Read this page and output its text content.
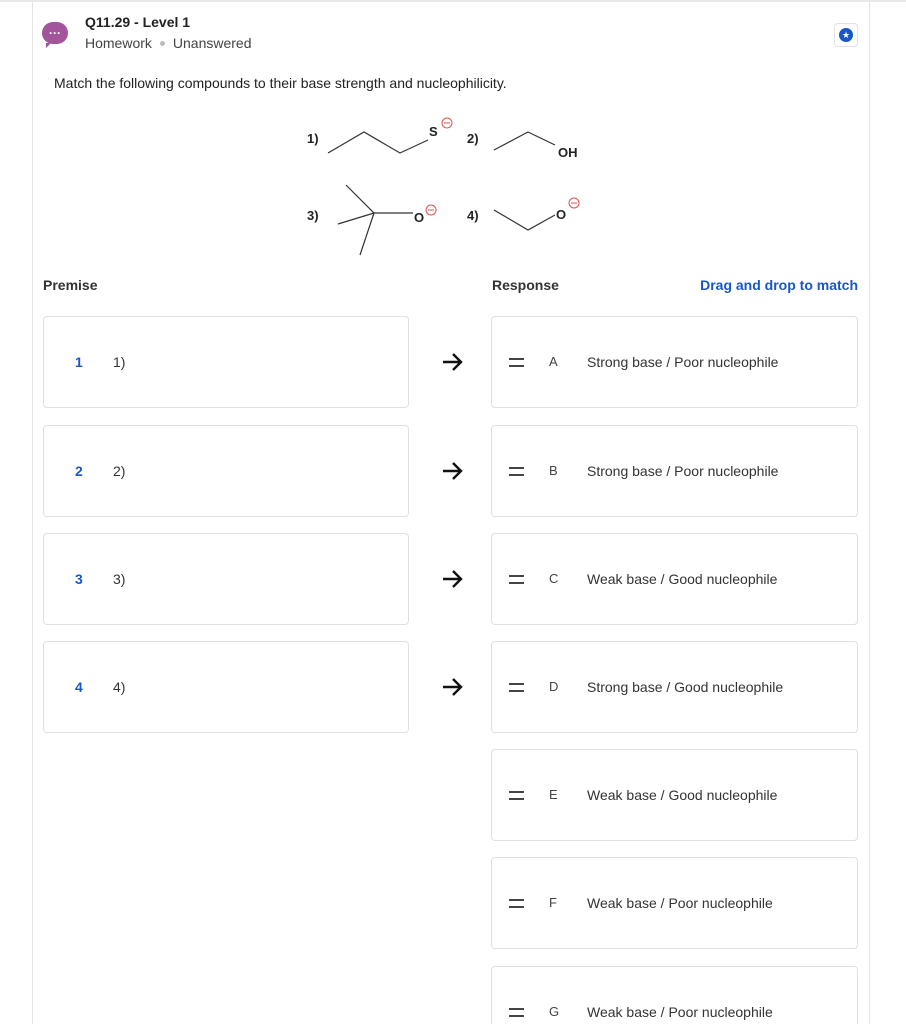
···
Q11.29 - Level 1
Homework Unanswered	★
Match the following compounds to their base strength and nucleophilicity.
1)	S 2)
OH
3)	O	4)	O
Premise	Response	Drag and drop to match
1 1)
2 2)
3 3)
4 4)
A Strong base / Poor nucleophile
B Strong base / Poor nucleophile
C Weak base / Good nucleophile
D Strong base / Good nucleophile
E Weak base / Good nucleophile
F Weak base / Poor nucleophile
G Weak base / Poor nucleophile
